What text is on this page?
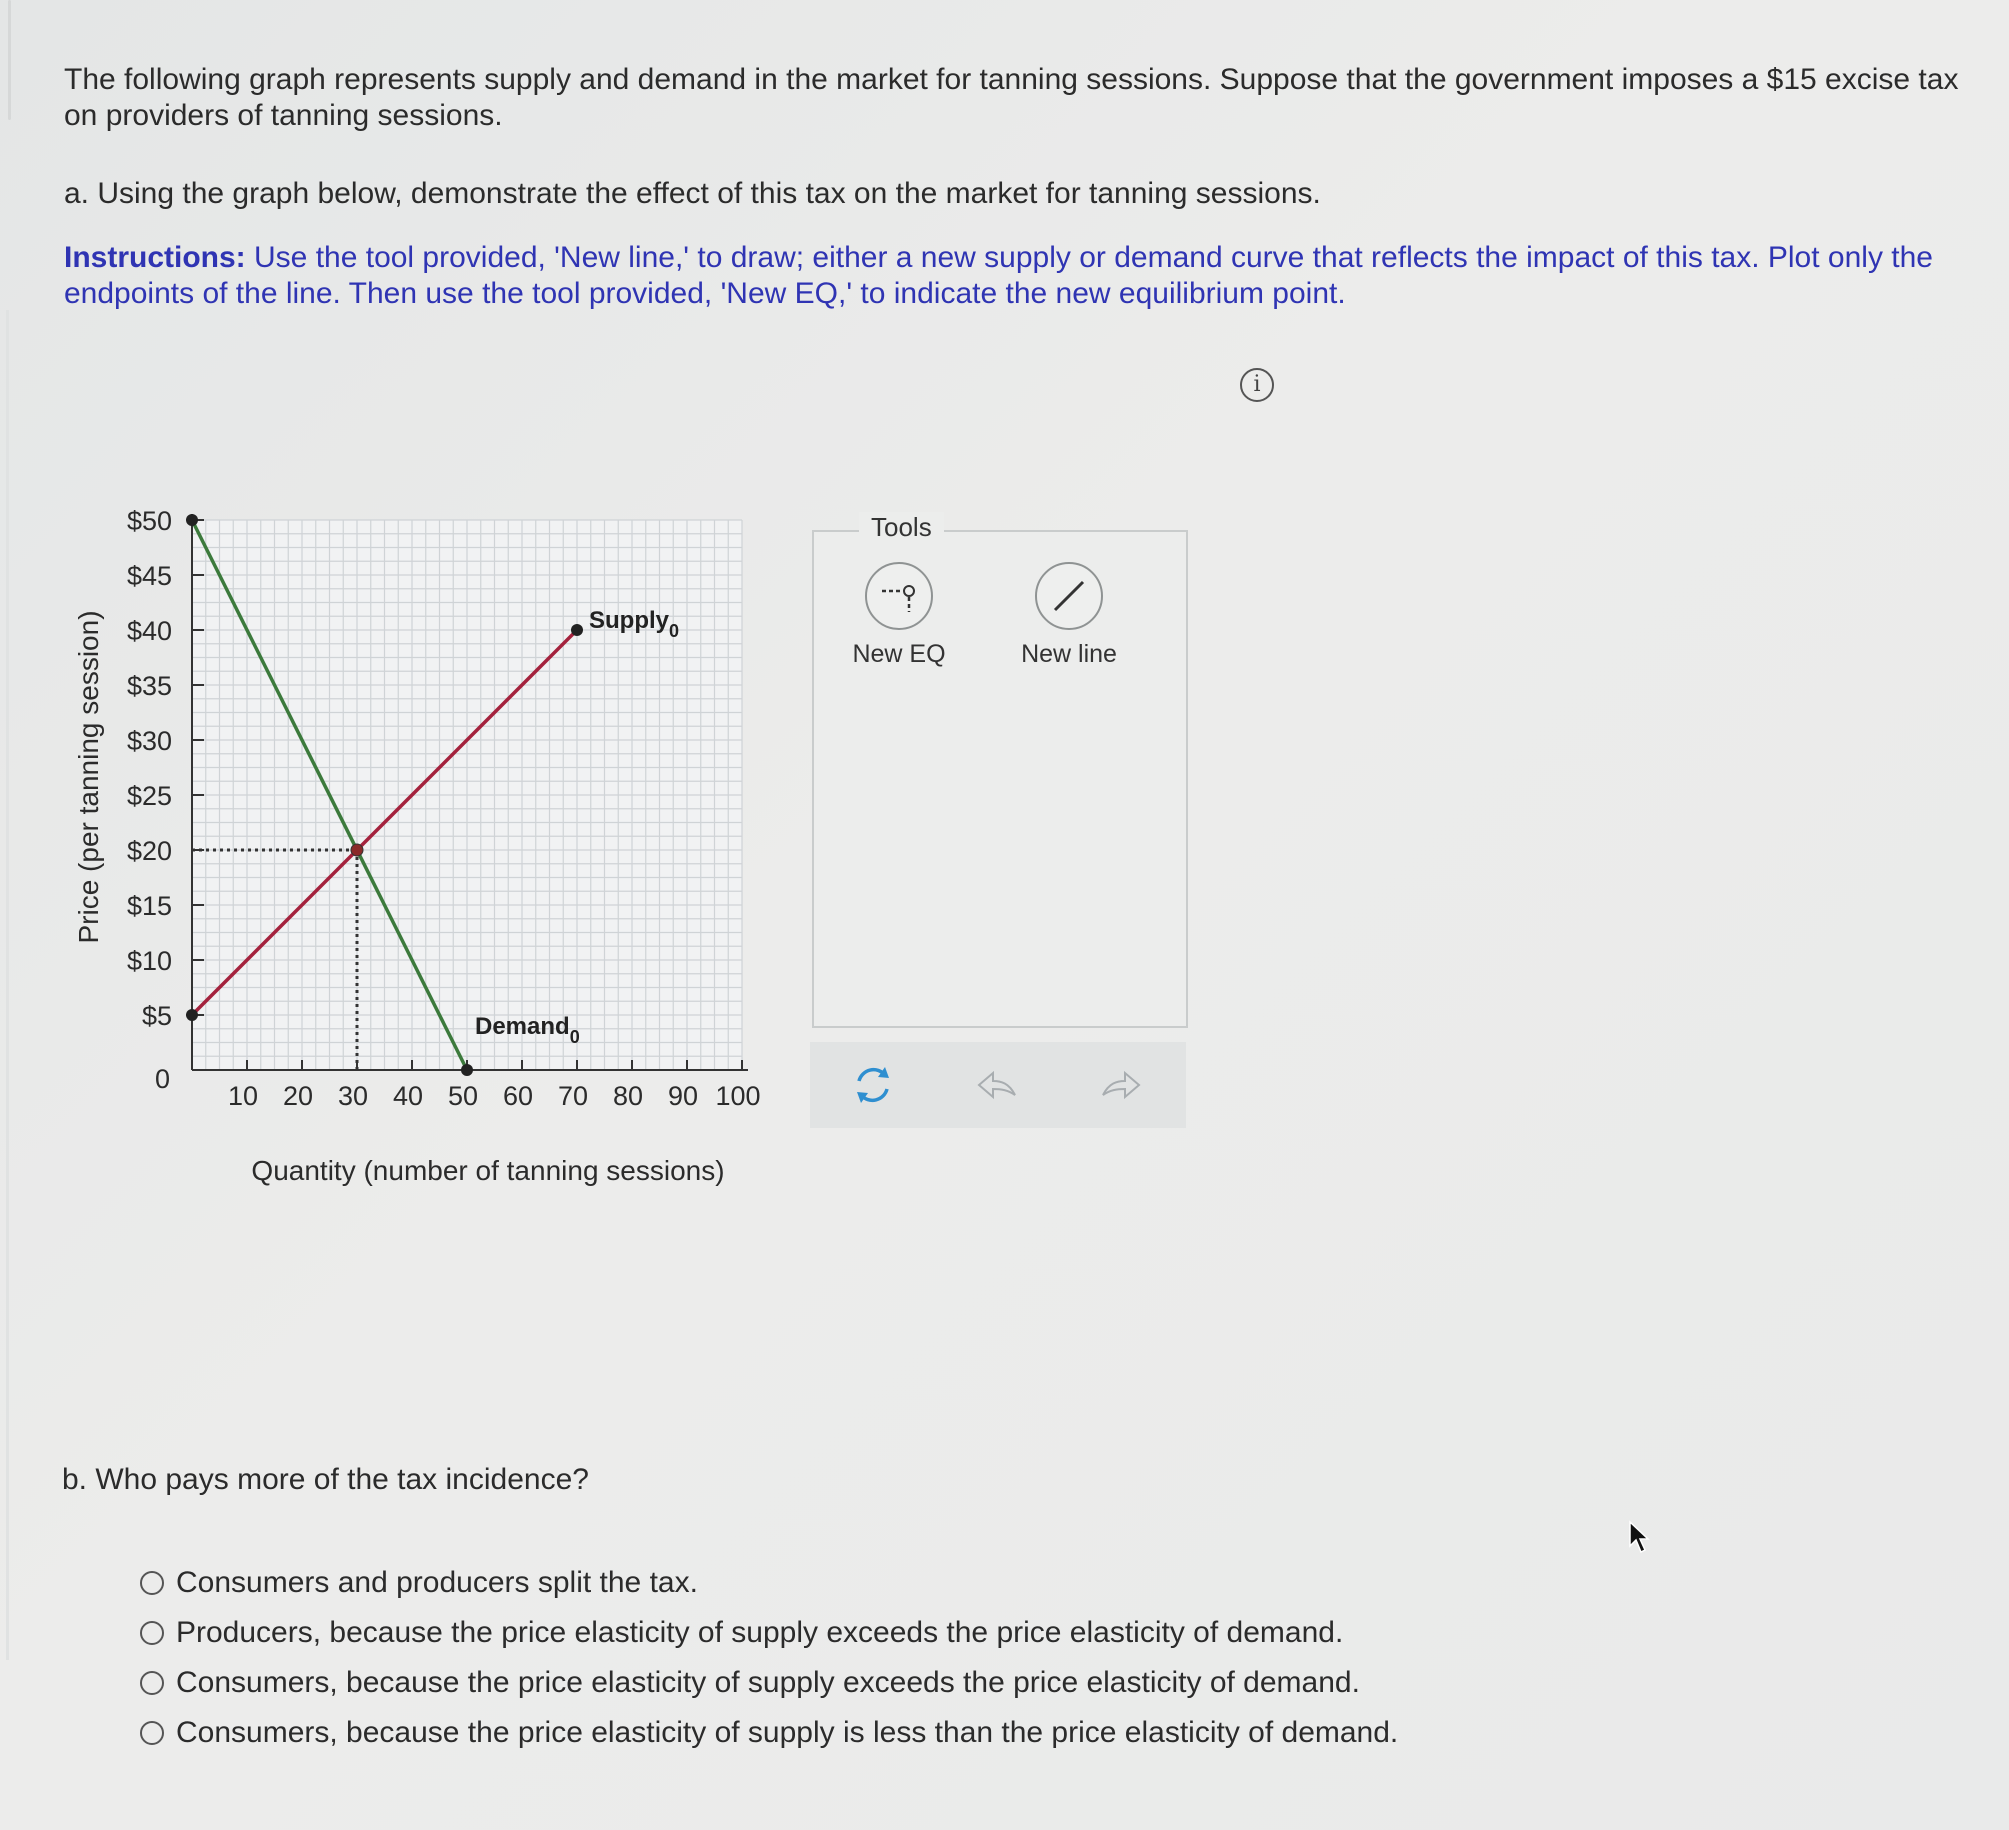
The following graph represents supply and demand in the market for tanning sessions. Suppose that the government imposes a $15 excise tax on providers of tanning sessions.

a. Using the graph below, demonstrate the effect of this tax on the market for tanning sessions.

Instructions: Use the tool provided, 'New line,' to draw; either a new supply or demand curve that reflects the impact of this tax. Plot only the endpoints of the line. Then use the tool provided, 'New EQ,' to indicate the new equilibrium point.

i
$5
$10
$15
$20
$25
$30
$35
$40
$45
$50
10 20 30 40 50 60 70 80 90 100
0
Supply$_0$
Demand$_0$
Price (per tanning session)
Quantity (number of tanning sessions)
Tools
New EQ	New line

b. Who pays more of the tax incidence?

Consumers and producers split the tax.
Producers, because the price elasticity of supply exceeds the price elasticity of demand.
Consumers, because the price elasticity of supply exceeds the price elasticity of demand.
Consumers, because the price elasticity of supply is less than the price elasticity of demand.
